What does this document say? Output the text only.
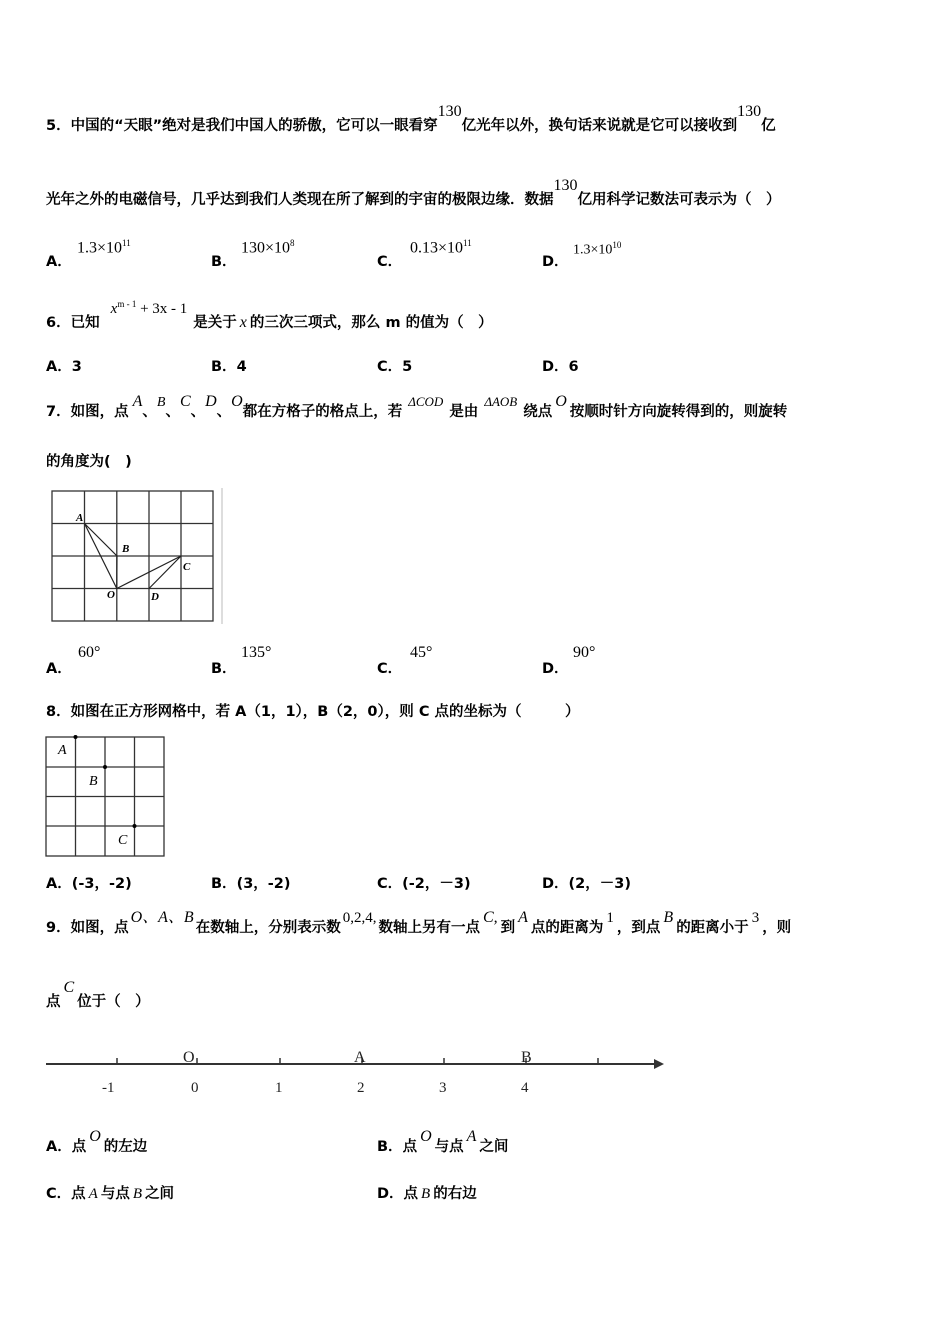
5．中国的“天眼”绝对是我们中国人的骄傲，它可以一眼看穿130亿光年以外，换句话来说就是它可以接收到130亿
光年之外的电磁信号，几乎达到我们人类现在所了解到的宇宙的极限边缘．数据130亿用科学记数法可表示为（　）
A．
$1.3\times 10^{11}$
B．
$130\times 10^8$
C．
$0.13\times 10^{11}$
D．
$1.3\times 10^{10}$
6．已知 $x^{m - 1} + 3x - 1$是关于 x 的三次三项式，那么 m 的值为（　）
A．3	B．4	C．5	D．6
7．如图，点A、B、C、D、O都在方格子的格点上，若ΔCOD是由ΔAOB绕点O按顺时针方向旋转得到的，则旋转
的角度为(　)
A
B
C
O	D
A．
60°
B．
135°
C．
45°
D．
90°
8．如图在正方形网格中，若 A（1，1），B（2，0），则 C 点的坐标为（　　　）
A
B
C
A．(-3，-2)	B．(3，-2)	C．(-2，－3)	D．(2，－3)
9．如图，点O、A、B在数轴上，分别表示数0,2,4,数轴上另有一点C,到A点的距离为1，到点B的距离小于3，则
点C位于（　）
-1	0	1	2	3	4
O	A	B
A．点O的左边	B．点O与点A之间
C．点 A 与点 B 之间	D．点 B 的右边
